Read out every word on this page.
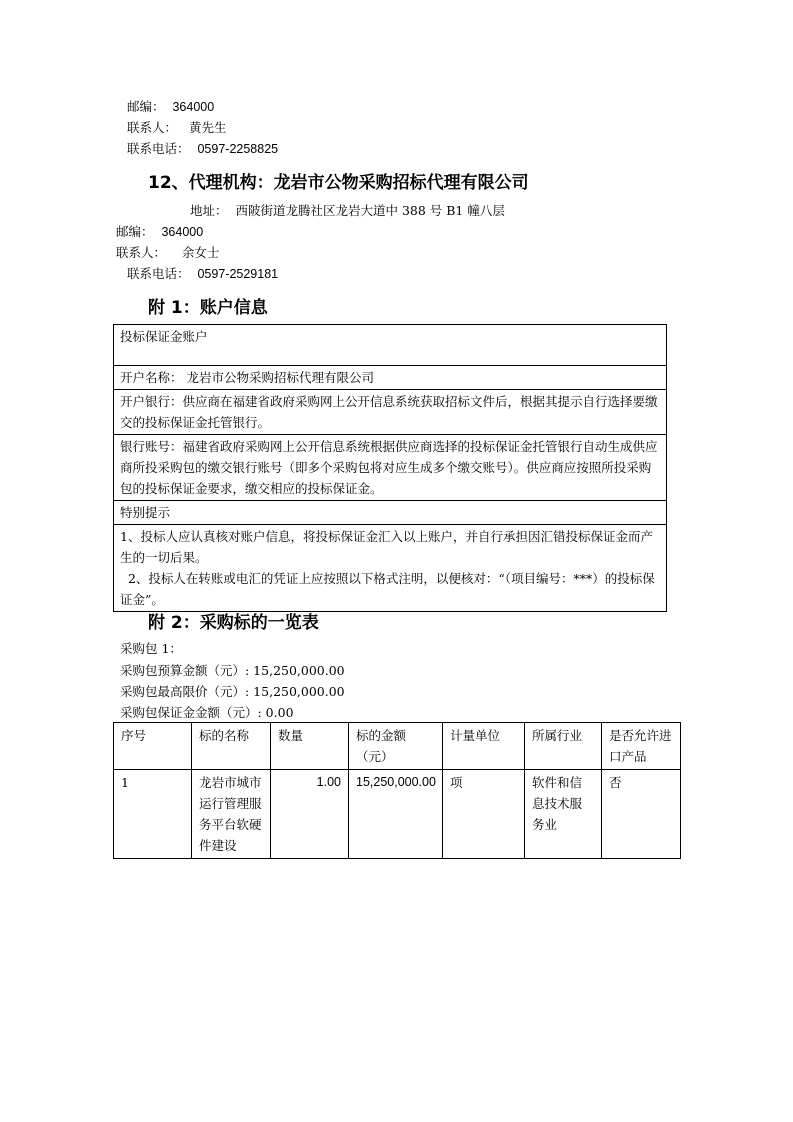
邮编： 364000
联系人： 黄先生
联系电话： 0597-2258825
12、代理机构：龙岩市公物采购招标代理有限公司
地址： 西陂街道龙腾社区龙岩大道中 388 号 B1 幢八层
邮编： 364000
联系人： 余女士
联系电话： 0597-2529181
附 1：账户信息
投标保证金账户
开户名称： 龙岩市公物采购招标代理有限公司
开户银行：供应商在福建省政府采购网上公开信息系统获取招标文件后，根据其提示自行选择要缴交的投标保证金托管银行。
银行账号：福建省政府采购网上公开信息系统根据供应商选择的投标保证金托管银行自动生成供应商所投采购包的缴交银行账号（即多个采购包将对应生成多个缴交账号）。供应商应按照所投采购包的投标保证金要求，缴交相应的投标保证金。
特别提示
1、投标人应认真核对账户信息，将投标保证金汇入以上账户，并自行承担因汇错投标保证金而产生的一切后果。
2、投标人在转账或电汇的凭证上应按照以下格式注明，以便核对：“（项目编号：***）的投标保证金”。
附 2：采购标的一览表
采购包 1：
采购包预算金额（元）: 15,250,000.00
采购包最高限价（元）: 15,250,000.00
采购包保证金金额（元）: 0.00
序号	标的名称	数量	标的金额（元）	计量单位	所属行业	是否允许进口产品
1	龙岩市城市运行管理服务平台软硬件建设	1.00	15,250,000.00	项	软件和信息技术服务业	否
